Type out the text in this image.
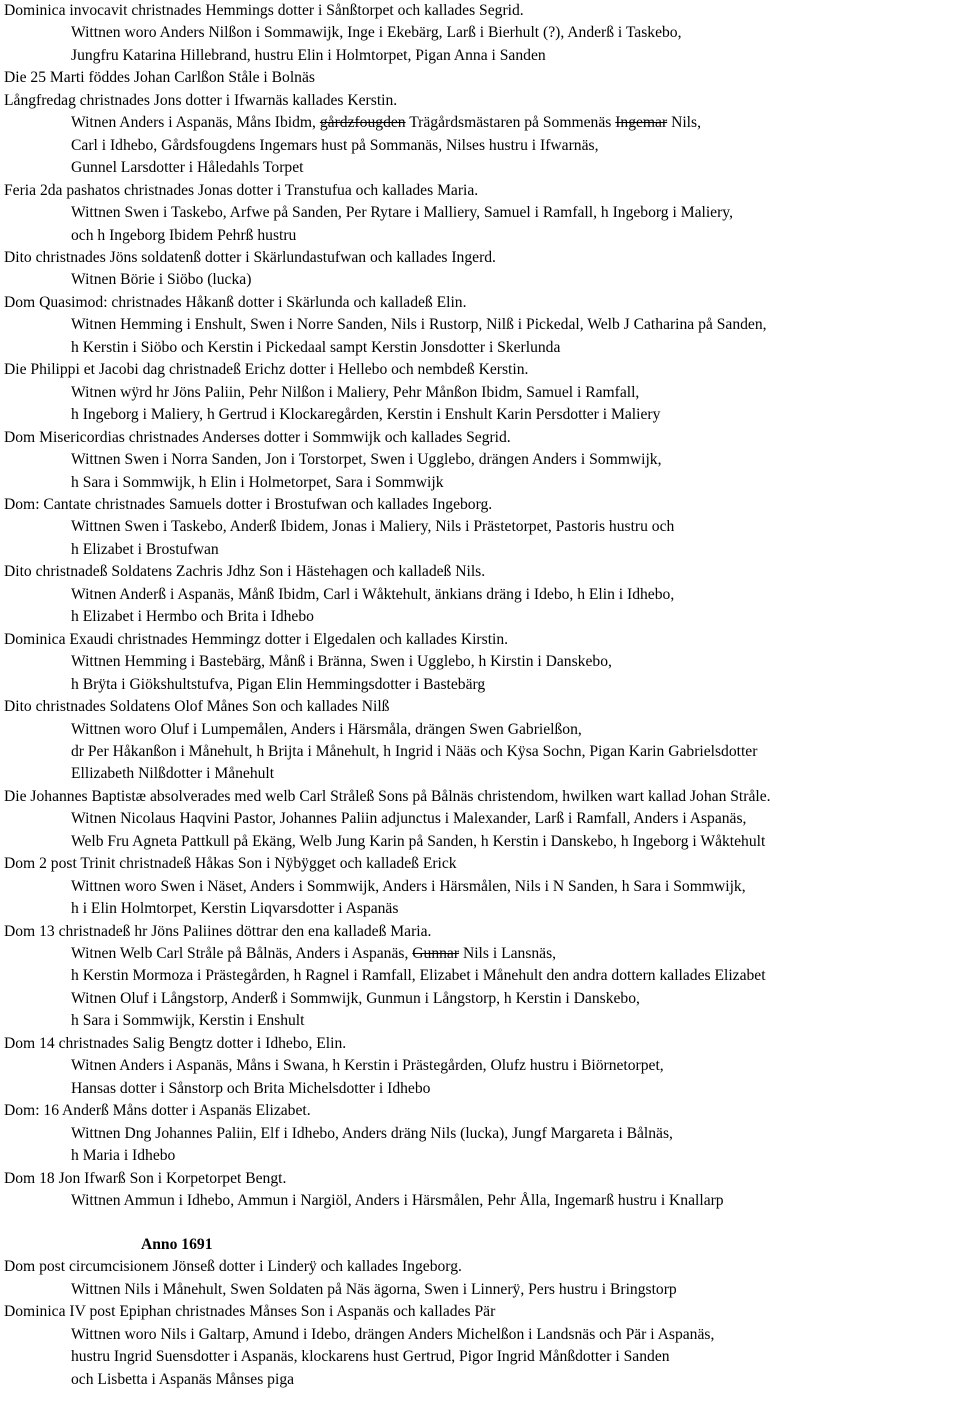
Dominica invocavit christnades Hemmings dotter i Sånßtorpet och kallades Segrid.
Wittnen woro Anders Nilßon i Sommawijk, Inge i Ekebärg, Larß i Bierhult (?), Anderß i Taskebo,
Jungfru Katarina Hillebrand, hustru Elin i Holmtorpet, Pigan Anna i Sanden
Die 25 Marti föddes Johan Carlßon Ståle i Bolnäs
Långfredag christnades Jons dotter i Ifwarnäs kallades Kerstin.
Witnen Anders i Aspanäs, Måns Ibidm, gårdzfougden Trägårdsmästaren på Sommenäs Ingemar Nils,
Carl i Idhebo, Gårdsfougdens Ingemars hust på Sommanäs, Nilses hustru i Ifwarnäs,
Gunnel Larsdotter i Håledahls Torpet
Feria 2da pashatos christnades Jonas dotter i Transtufua och kallades Maria.
Wittnen Swen i Taskebo, Arfwe på Sanden, Per Rytare i Malliery, Samuel i Ramfall, h Ingeborg i Maliery,
och h Ingeborg Ibidem Pehrß hustru
Dito christnades Jöns soldatenß dotter i Skärlundastufwan och kallades Ingerd.
Witnen Börie i Siöbo (lucka)
Dom Quasimod: christnades Håkanß dotter i Skärlunda och kalladeß Elin.
Witnen Hemming i Enshult, Swen i Norre Sanden, Nils i Rustorp, Nilß i Pickedal, Welb J Catharina på Sanden,
h Kerstin i Siöbo och Kerstin i Pickedaal sampt Kerstin Jonsdotter i Skerlunda
Die Philippi et Jacobi dag christnadeß Erichz dotter i Hellebo och nembdeß Kerstin.
Witnen wÿrd hr Jöns Paliin, Pehr Nilßon i Maliery, Pehr Månßon Ibidm, Samuel i Ramfall,
h Ingeborg i Maliery, h Gertrud i Klockaregården, Kerstin i Enshult Karin Persdotter i Maliery
Dom Misericordias christnades Anderses dotter i Sommwijk och kallades Segrid.
Wittnen Swen i Norra Sanden, Jon i Torstorpet, Swen i Ugglebo, drängen Anders i Sommwijk,
h Sara i Sommwijk, h Elin i Holmetorpet, Sara i Sommwijk
Dom: Cantate christnades Samuels dotter i Brostufwan och kallades Ingeborg.
Wittnen Swen i Taskebo, Anderß Ibidem, Jonas i Maliery, Nils i Prästetorpet, Pastoris hustru och
h Elizabet i Brostufwan
Dito christnadeß Soldatens Zachris Jdhz Son i Hästehagen och kalladeß Nils.
Witnen Anderß i Aspanäs, Månß Ibidm, Carl i Wåktehult, änkians dräng i Idebo, h Elin i Idhebo,
h Elizabet i Hermbo och Brita i Idhebo
Dominica Exaudi christnades Hemmingz dotter i Elgedalen och kallades Kirstin.
Wittnen Hemming i Bastebärg, Månß i Bränna, Swen i Ugglebo, h Kirstin i Danskebo,
h Brÿta i Giökshultstufva, Pigan Elin Hemmingsdotter i Bastebärg
Dito christnades Soldatens Olof Månes Son och kallades Nilß
Wittnen woro Oluf i Lumpemålen, Anders i Härsmåla, drängen Swen Gabrielßon,
dr Per Håkanßon i Månehult, h Brijta i Månehult, h Ingrid i Nääs och Kÿsa Sochn, Pigan Karin Gabrielsdotter
Ellizabeth Nilßdotter i Månehult
Die Johannes Baptistæ absolverades med welb Carl Stråleß Sons på Bålnäs christendom, hwilken wart kallad Johan Stråle.
Witnen Nicolaus Haqvini Pastor, Johannes Paliin adjunctus i Malexander, Larß i Ramfall, Anders i Aspanäs,
Welb Fru Agneta Pattkull på Ekäng, Welb Jung Karin på Sanden, h Kerstin i Danskebo, h Ingeborg i Wåktehult
Dom 2 post Trinit christnadeß Håkas Son i Nÿbÿgget och kalladeß Erick
Wittnen woro Swen i Näset, Anders i Sommwijk, Anders i Härsmålen, Nils i N Sanden, h Sara i Sommwijk,
h i Elin Holmtorpet, Kerstin Liqvarsdotter i Aspanäs
Dom 13 christnadeß hr Jöns Paliines döttrar den ena kalladeß Maria.
Witnen Welb Carl Stråle på Bålnäs, Anders i Aspanäs, Gunnar Nils i Lansnäs,
h Kerstin Mormoza i Prästegården, h Ragnel i Ramfall, Elizabet i Månehult den andra dottern kallades Elizabet
Witnen Oluf i Långstorp, Anderß i Sommwijk, Gunmun i Långstorp, h Kerstin i Danskebo,
h Sara i Sommwijk, Kerstin i Enshult
Dom 14 christnades Salig Bengtz dotter i Idhebo, Elin.
Witnen Anders i Aspanäs, Måns i Swana, h Kerstin i Prästegården, Olufz hustru i Biörnetorpet,
Hansas dotter i Sånstorp och Brita Michelsdotter i Idhebo
Dom: 16 Anderß Måns dotter i Aspanäs Elizabet.
Wittnen Dng Johannes Paliin, Elf i Idhebo, Anders dräng Nils (lucka), Jungf Margareta i Bålnäs,
h Maria i Idhebo
Dom 18 Jon Ifwarß Son i Korpetorpet Bengt.
Wittnen Ammun i Idhebo, Ammun i Nargiöl, Anders i Härsmålen, Pehr Ålla, Ingemarß hustru i Knallarp
Anno 1691
Dom post circumcisionem Jönseß dotter i Linderÿ och kallades Ingeborg.
Wittnen Nils i Månehult, Swen Soldaten på Näs ägorna, Swen i Linnerÿ, Pers hustru i Bringstorp
Dominica IV post Epiphan christnades Månses Son i Aspanäs och kallades Pär
Wittnen woro Nils i Galtarp, Amund i Idebo, drängen Anders Michelßon i Landsnäs och Pär i Aspanäs,
hustru Ingrid Suensdotter i Aspanäs, klockarens hust Gertrud, Pigor Ingrid Månßdotter i Sanden
och Lisbetta i Aspanäs Månses piga
